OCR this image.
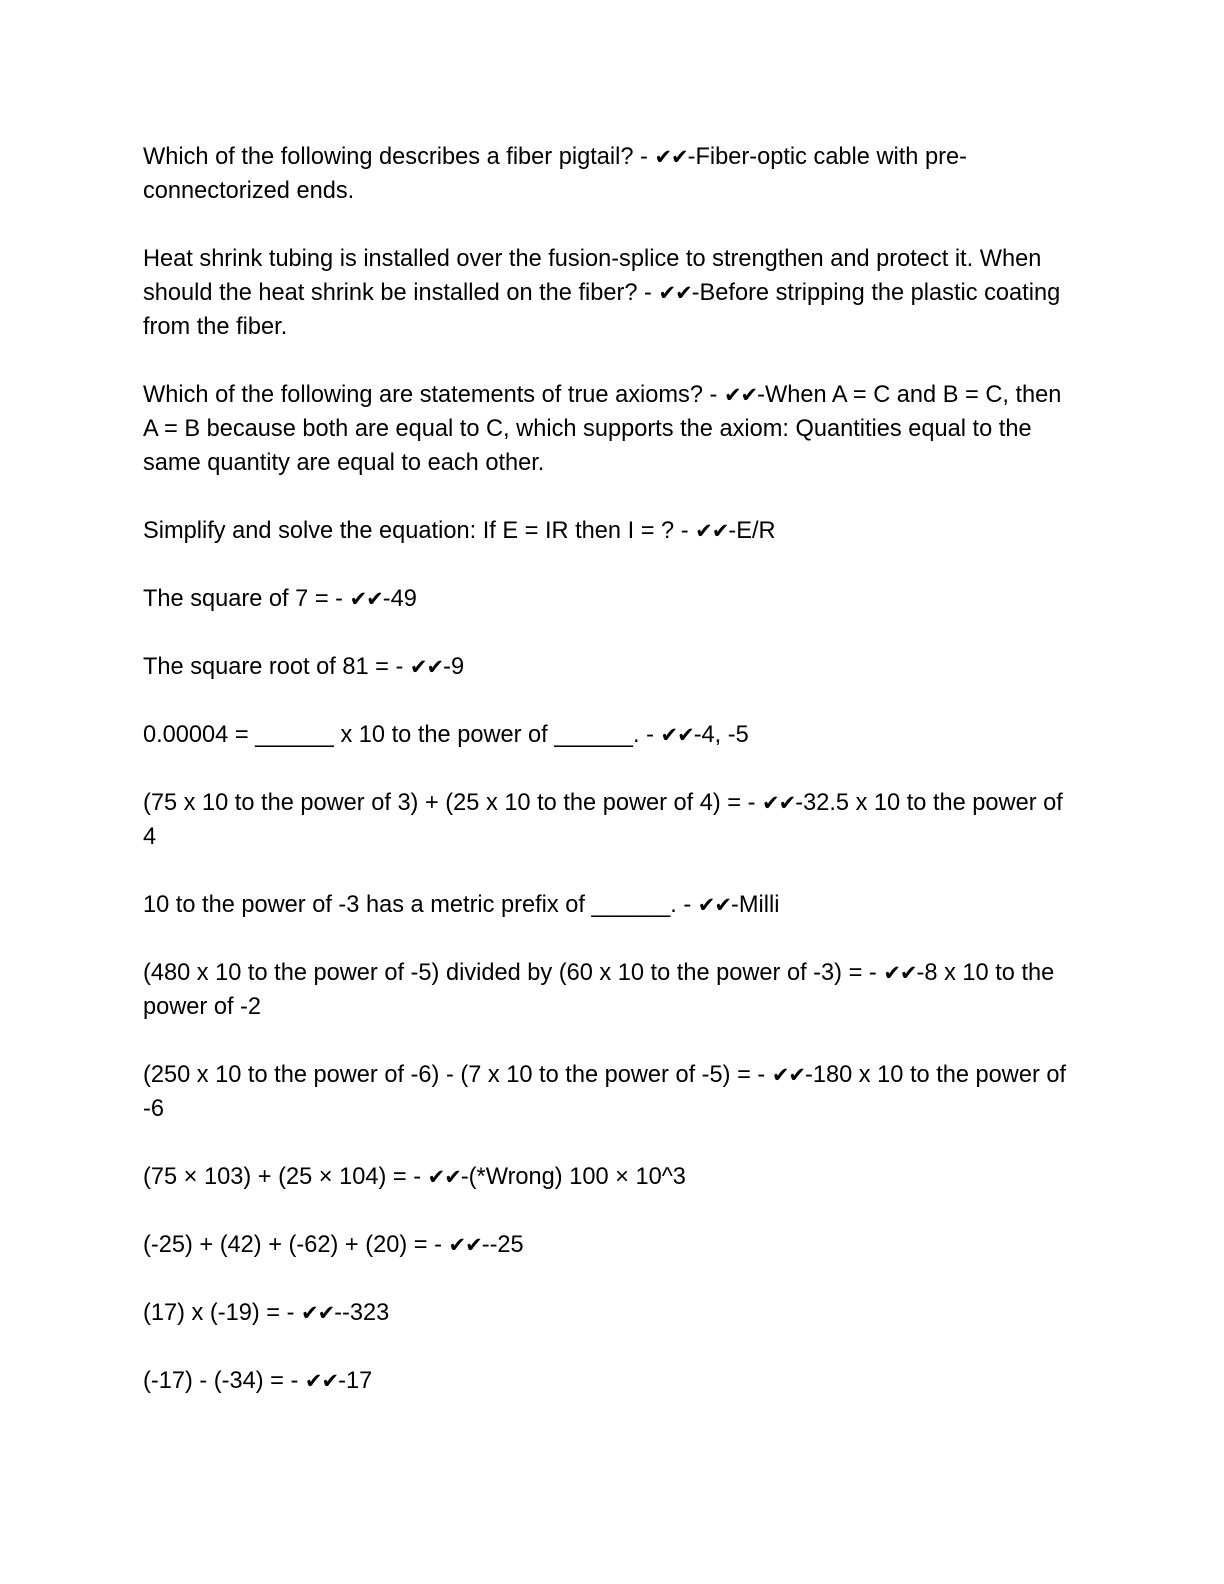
Which of the following describes a fiber pigtail? - ✔✔-Fiber-optic cable with pre-connectorized ends.

Heat shrink tubing is installed over the fusion-splice to strengthen and protect it. When should the heat shrink be installed on the fiber? - ✔✔-Before stripping the plastic coating from the fiber.

Which of the following are statements of true axioms? - ✔✔-When A = C and B = C, then A = B because both are equal to C, which supports the axiom: Quantities equal to the same quantity are equal to each other.

Simplify and solve the equation: If E = IR then I = ? - ✔✔-E/R

The square of 7 = - ✔✔-49

The square root of 81 = - ✔✔-9

0.00004 = ______ x 10 to the power of ______. - ✔✔-4, -5

(75 x 10 to the power of 3) + (25 x 10 to the power of 4) = - ✔✔-32.5 x 10 to the power of 4

10 to the power of -3 has a metric prefix of ______. - ✔✔-Milli

(480 x 10 to the power of -5) divided by (60 x 10 to the power of -3) = - ✔✔-8 x 10 to the power of -2

(250 x 10 to the power of -6) - (7 x 10 to the power of -5) = - ✔✔-180 x 10 to the power of -6

(75 × 103) + (25 × 104) = - ✔✔-(*Wrong) 100 × 10^3

(-25) + (42) + (-62) + (20) = - ✔✔--25

(17) x (-19) = - ✔✔--323

(-17) - (-34) = - ✔✔-17
